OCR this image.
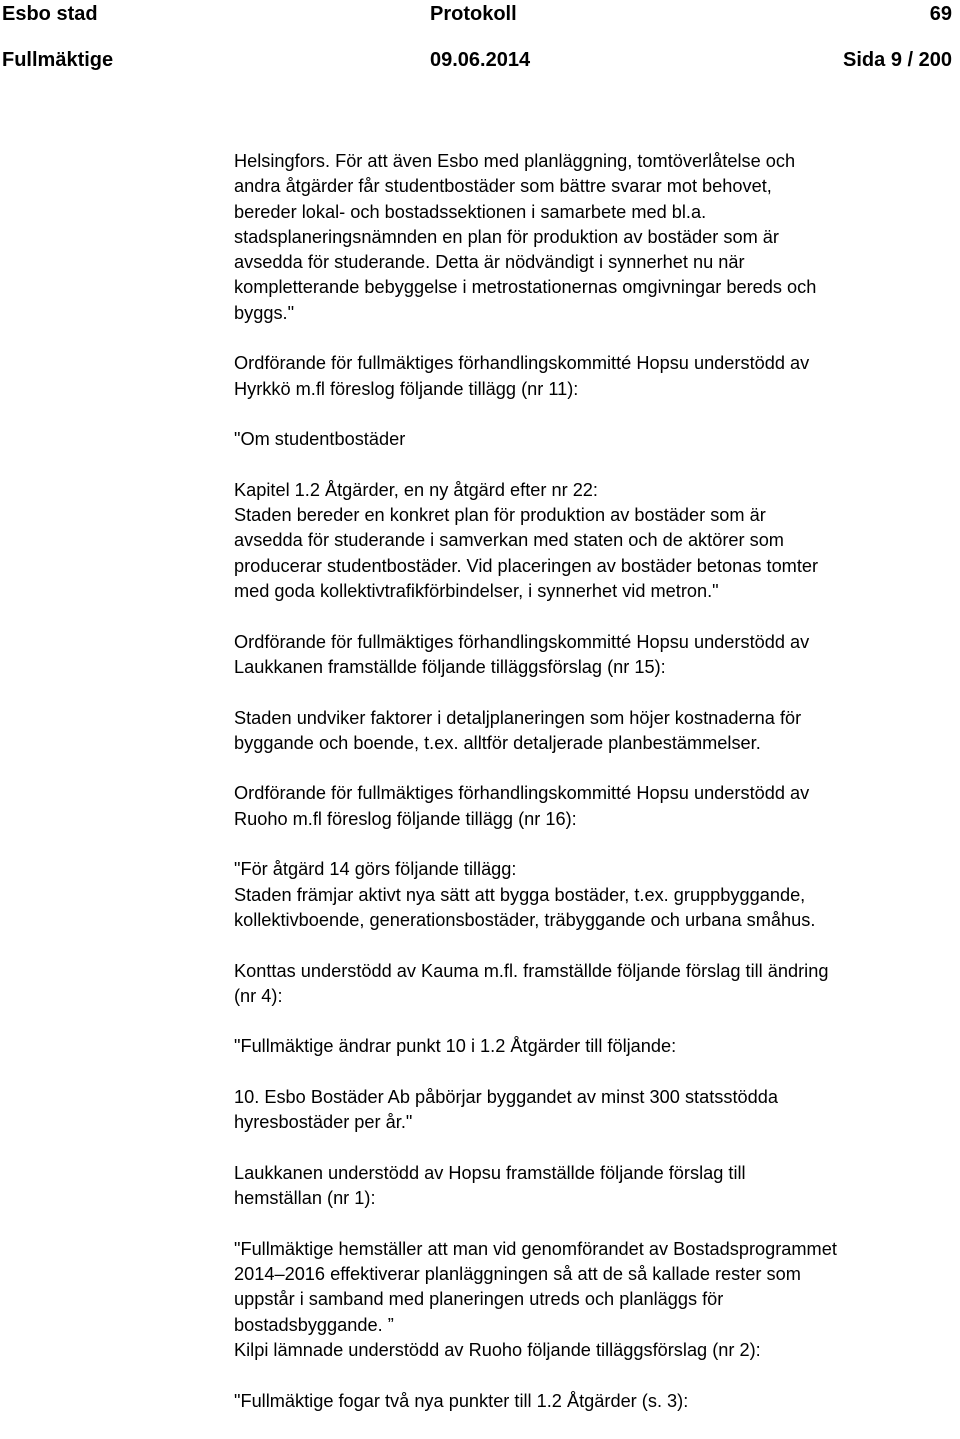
Esbo stad	Protokoll	69
Fullmäktige	09.06.2014	Sida 9 / 200
Helsingfors. För att även Esbo med planläggning, tomtöverlåtelse och
andra åtgärder får studentbostäder som bättre svarar mot behovet,
bereder lokal- och bostadssektionen i samarbete med bl.a.
stadsplaneringsnämnden en plan för produktion av bostäder som är
avsedda för studerande. Detta är nödvändigt i synnerhet nu när
kompletterande bebyggelse i metrostationernas omgivningar bereds och
byggs."
Ordförande för fullmäktiges förhandlingskommitté Hopsu understödd av
Hyrkkö m.fl föreslog följande tillägg (nr 11):
"Om studentbostäder
Kapitel 1.2 Åtgärder, en ny åtgärd efter nr 22:
Staden bereder en konkret plan för produktion av bostäder som är
avsedda för studerande i samverkan med staten och de aktörer som
producerar studentbostäder. Vid placeringen av bostäder betonas tomter
med goda kollektivtrafikförbindelser, i synnerhet vid metron."
Ordförande för fullmäktiges förhandlingskommitté Hopsu understödd av
Laukkanen framställde följande tilläggsförslag (nr 15):
Staden undviker faktorer i detaljplaneringen som höjer kostnaderna för
byggande och boende, t.ex. alltför detaljerade planbestämmelser.
Ordförande för fullmäktiges förhandlingskommitté Hopsu understödd av
Ruoho m.fl föreslog följande tillägg (nr 16):
"För åtgärd 14 görs följande tillägg:
Staden främjar aktivt nya sätt att bygga bostäder, t.ex. gruppbyggande,
kollektivboende, generationsbostäder, träbyggande och urbana småhus.
Konttas understödd av Kauma m.fl. framställde följande förslag till ändring
(nr 4):
"Fullmäktige ändrar punkt 10 i 1.2 Åtgärder till följande:
10. Esbo Bostäder Ab påbörjar byggandet av minst 300 statsstödda
hyresbostäder per år."
Laukkanen understödd av Hopsu framställde följande förslag till
hemställan (nr 1):
"Fullmäktige hemställer att man vid genomförandet av Bostadsprogrammet
2014–2016 effektiverar planläggningen så att de så kallade rester som
uppstår i samband med planeringen utreds och planläggs för
bostadsbyggande. ”
Kilpi lämnade understödd av Ruoho följande tilläggsförslag (nr 2):
"Fullmäktige fogar två nya punkter till 1.2 Åtgärder (s. 3):
